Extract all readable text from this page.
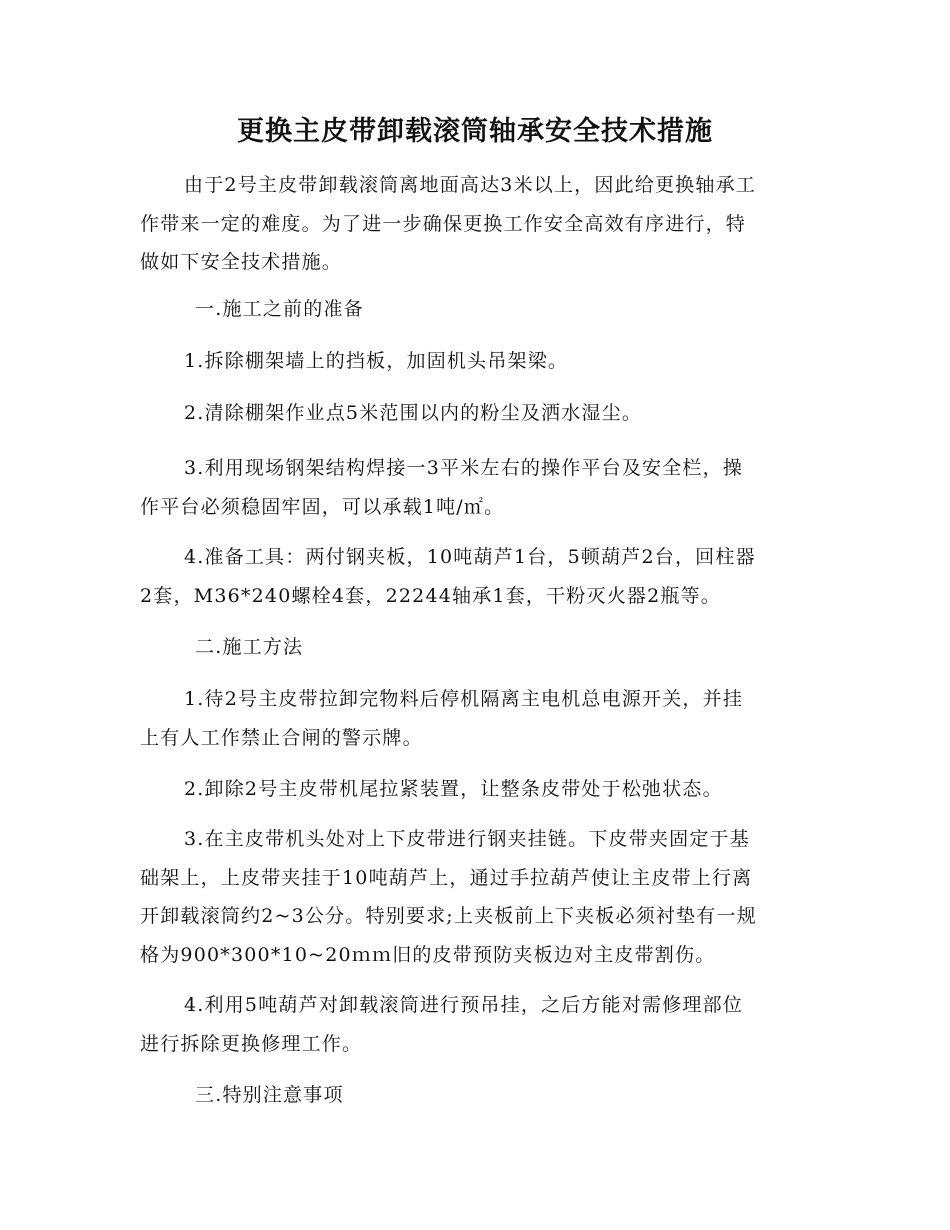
更换主皮带卸载滚筒轴承安全技术措施
由于2号主皮带卸载滚筒离地面高达3米以上，因此给更换轴承工
作带来一定的难度。为了进一步确保更换工作安全高效有序进行，特
做如下安全技术措施。
一.施工之前的准备
1.拆除棚架墙上的挡板，加固机头吊架梁。
2.清除棚架作业点5米范围以内的粉尘及洒水湿尘。
3.利用现场钢架结构焊接一3平米左右的操作平台及安全栏，操
作平台必须稳固牢固，可以承载1吨/㎡。
4.准备工具：两付钢夹板，10吨葫芦1台，5顿葫芦2台，回柱器
2套，M36*240螺栓4套，22244轴承1套，干粉灭火器2瓶等。
二.施工方法
1.待2号主皮带拉卸完物料后停机隔离主电机总电源开关，并挂
上有人工作禁止合闸的警示牌。
2.卸除2号主皮带机尾拉紧装置，让整条皮带处于松弛状态。
3.在主皮带机头处对上下皮带进行钢夹挂链。下皮带夹固定于基
础架上，上皮带夹挂于10吨葫芦上，通过手拉葫芦使让主皮带上行离
开卸载滚筒约2~3公分。特别要求;上夹板前上下夹板必须衬垫有一规
格为900*300*10~20ｍｍ旧的皮带预防夹板边对主皮带割伤。
4.利用5吨葫芦对卸载滚筒进行预吊挂，之后方能对需修理部位
进行拆除更换修理工作。
三.特别注意事项
